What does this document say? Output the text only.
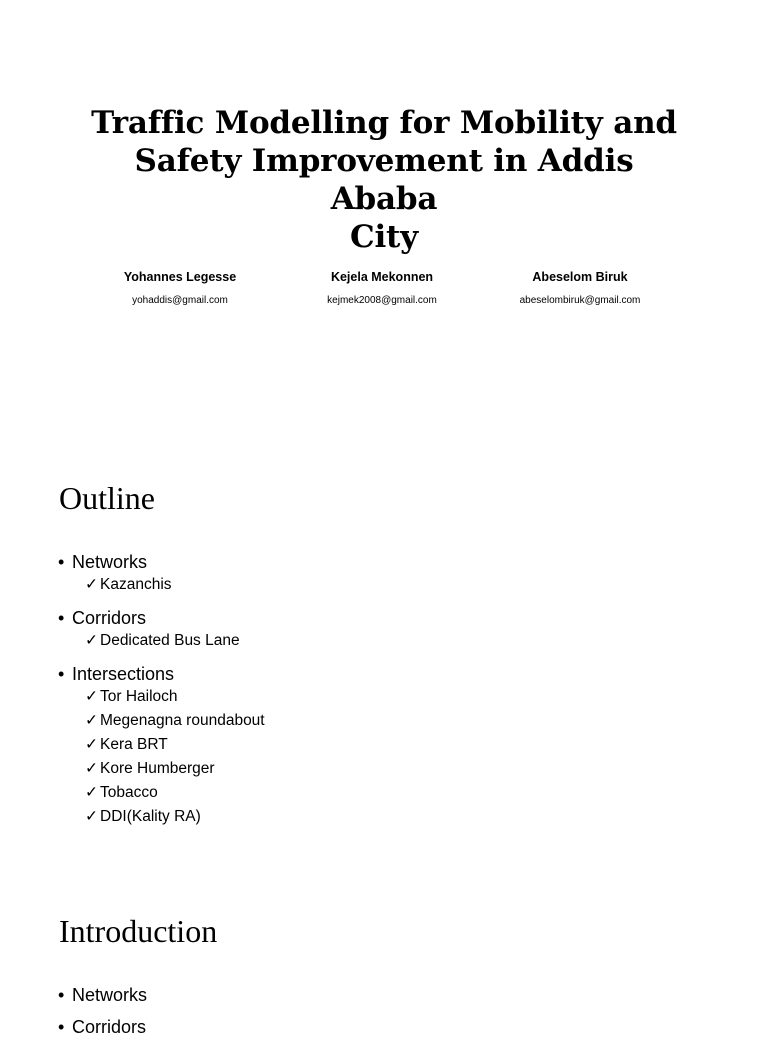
Traffic Modelling for Mobility and
Safety Improvement in Addis Ababa
City
Yohannes Legesse
yohaddis@gmail.com
Kejela Mekonnen
kejmek2008@gmail.com
Abeselom Biruk
abeselombiruk@gmail.com
Outline
• Networks
✓ Kazanchis
• Corridors
✓ Dedicated Bus Lane
• Intersections
✓ Tor Hailoch
✓ Megenagna roundabout
✓ Kera BRT
✓ Kore Humberger
✓ Tobacco
✓ DDI(Kality RA)
Introduction
• Networks
• Corridors
